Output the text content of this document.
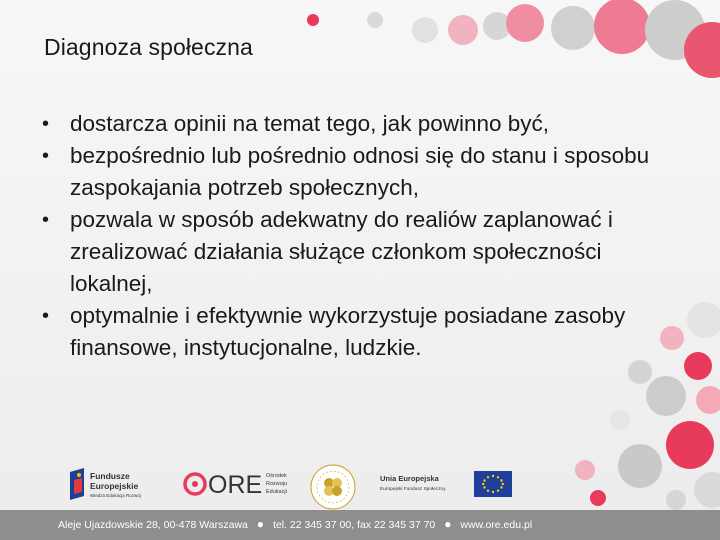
Diagnoza społeczna
• dostarcza opinii na temat tego, jak powinno być,
• bezpośrednio lub pośrednio odnosi się do stanu i sposobu zaspokajania potrzeb społecznych,
• pozwala w sposób adekwatny do realiów zaplanować i zrealizować działania służące członkom społeczności lokalnej,
• optymalnie i efektywnie wykorzystuje posiadane zasoby finansowe, instytucjonalne, ludzkie.
Fundusze
Europejskie
Wiedza Edukacja Rozwój	ORE Ośrodek
Rozwoju
Edukacji
Unia Europejska
Europejski Fundusz Społeczny
Aleje Ujazdowskie 28, 00-478 Warszawa ● tel. 22 345 37 00, fax 22 345 37 70 ● www.ore.edu.pl
